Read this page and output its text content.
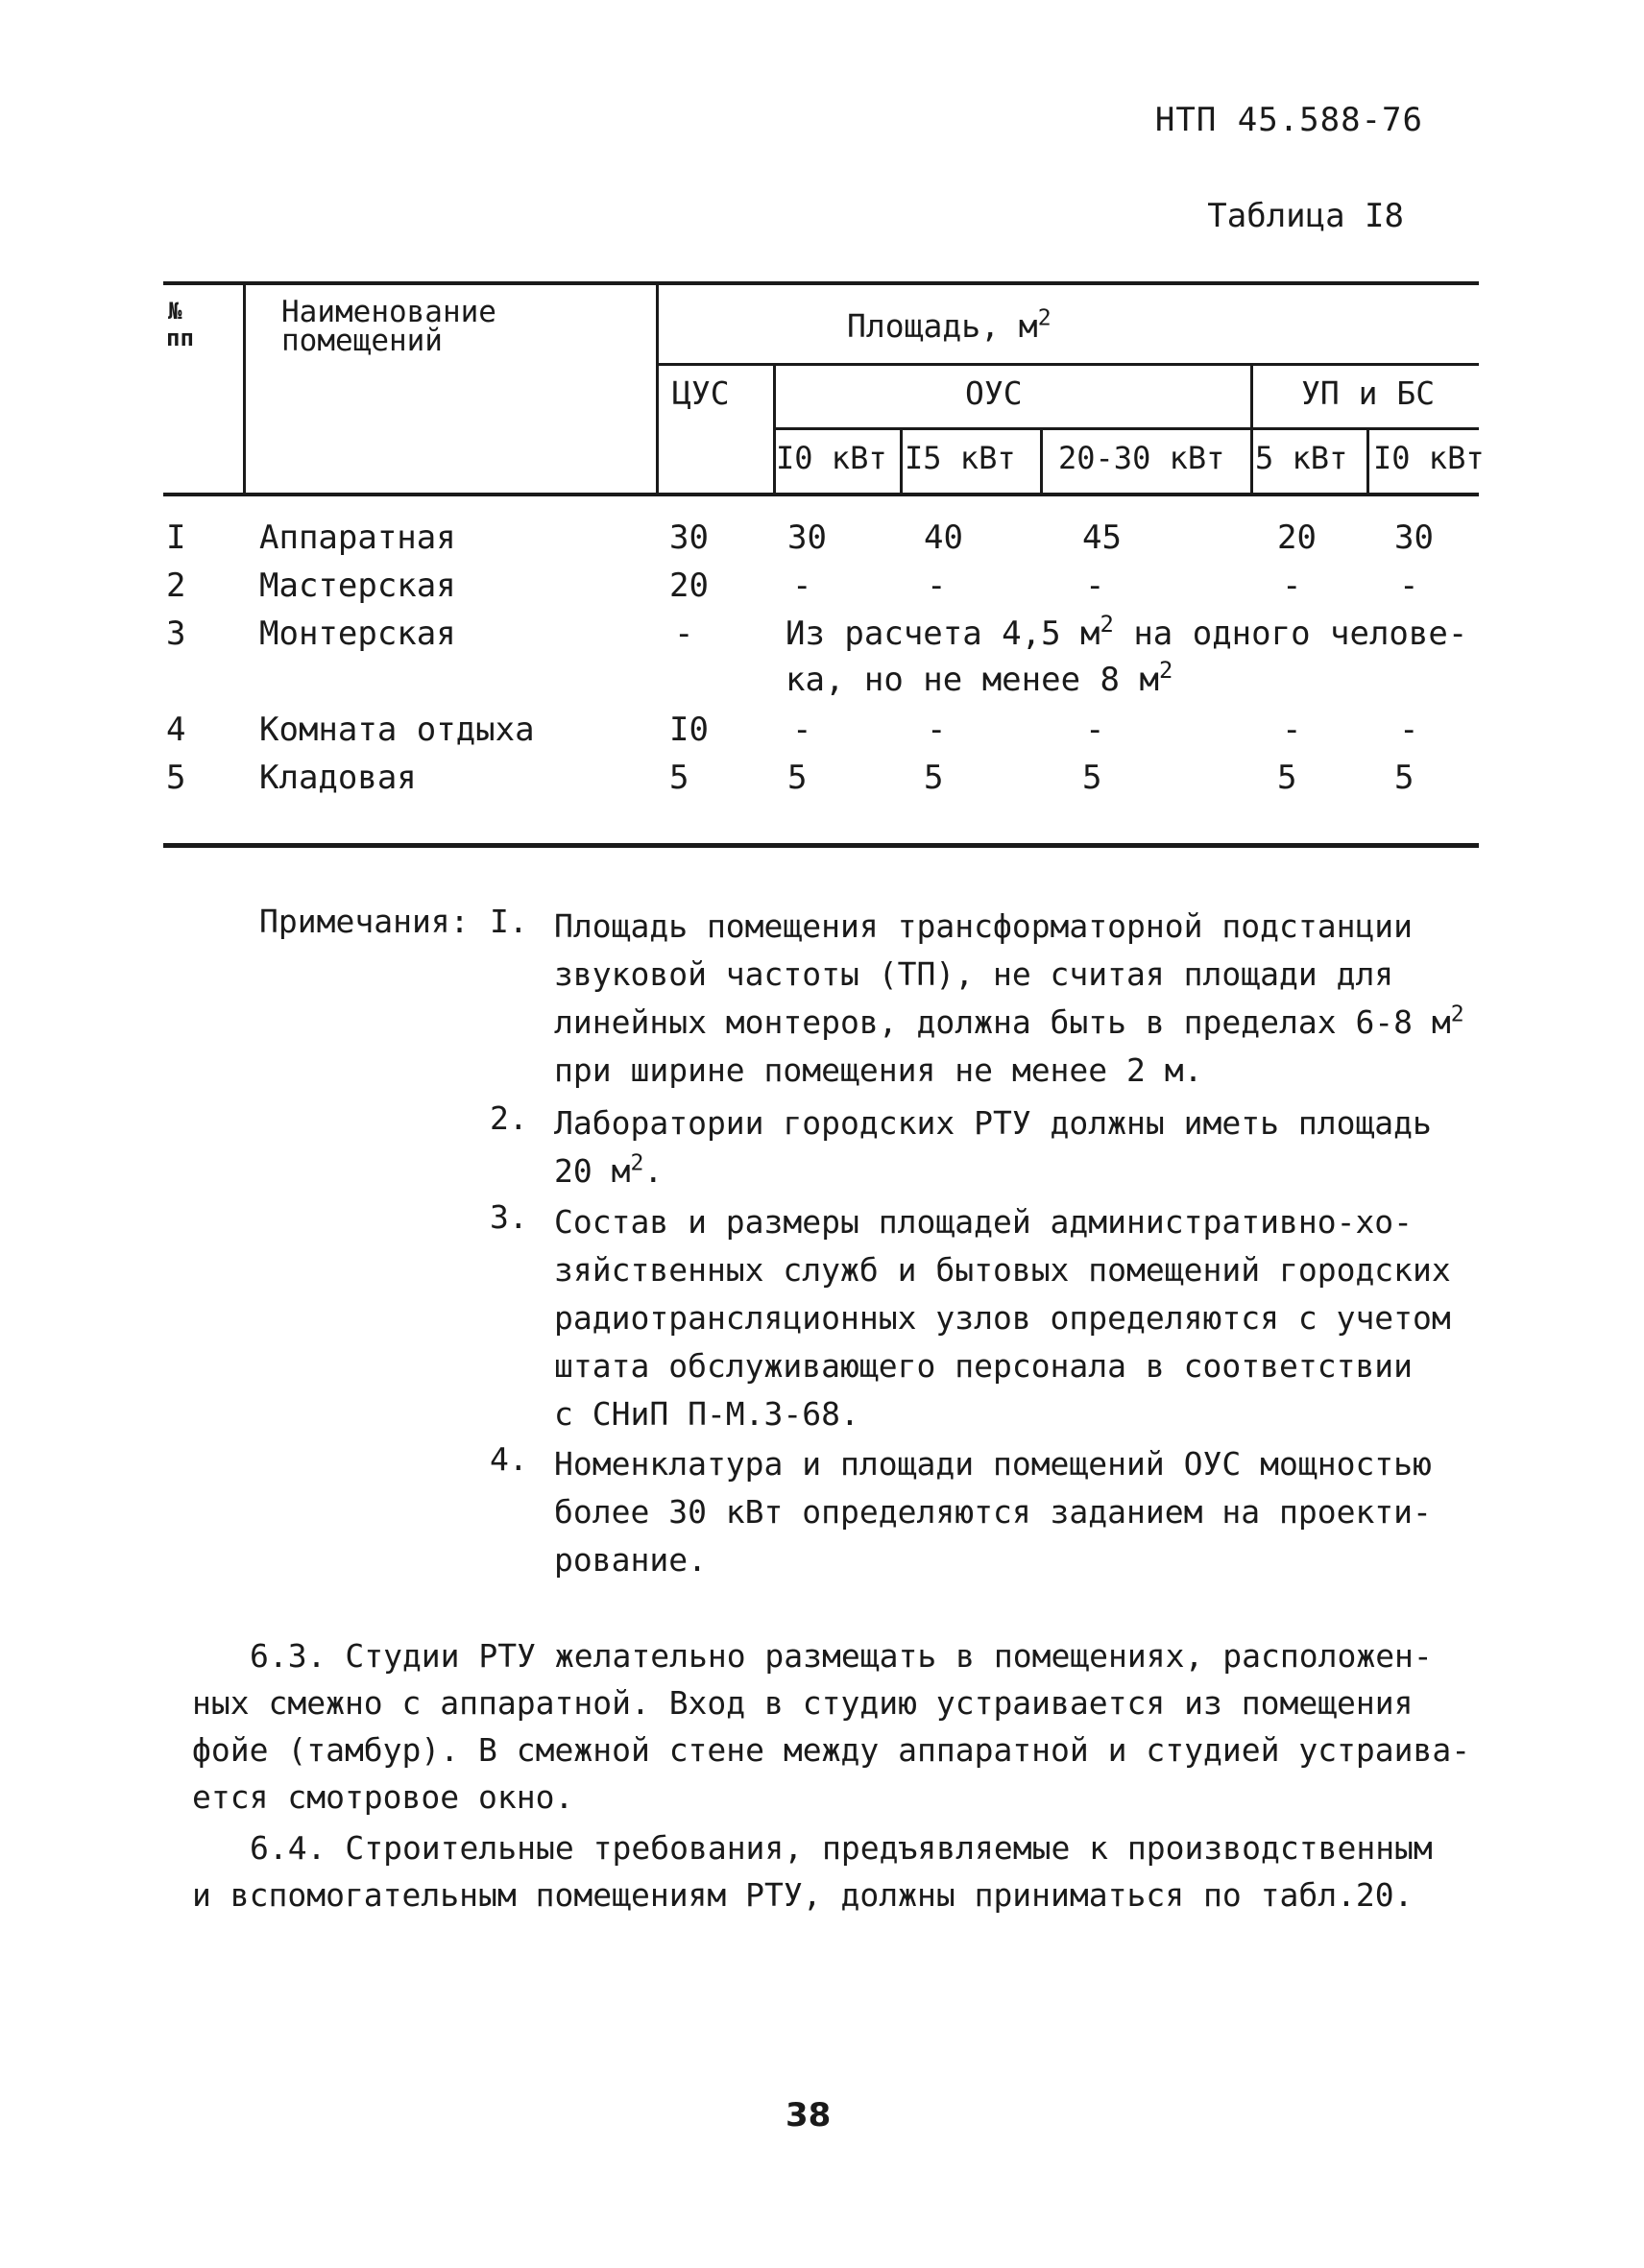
НТП 45.588-76
Таблица I8
№
пп
Наименование
помещений	Площадь, $м^2$
ЦУС	ОУС	УП и БС
I0 кВт I5 кВт 20-30 кВт 5 кВт I0 кВт
I Аппаратная	30 30	40	45	20 30
2 Мастерская	20	-	-	-	-	-
3 Монтерская	-	Из расчета 4,5 $м^2$ на одного челове-
ка, но не менее 8 $м^2$
4 Комната отдыха	I0	-	-	-	-	-
5 Кладовая	5	5	5	5	5	5
Примечания: I. Площадь помещения трансформаторной подстанции
звуковой частоты (ТП), не считая площади для
линейных монтеров, должна быть в пределах 6-8 $м^2$
при ширине помещения не менее 2 м.
2. Лаборатории городских РТУ должны иметь площадь
20 $м^2$.
3. Состав и размеры площадей административно-хо-
зяйственных служб и бытовых помещений городских
радиотрансляционных узлов определяются с учетом
штата обслуживающего персонала в соответствии
с СНиП П-М.3-68.
4. Номенклатура и площади помещений ОУС мощностью
более 30 кВт определяются заданием на проекти-
рование.
6.3. Студии РТУ желательно размещать в помещениях, расположен-
ных смежно с аппаратной. Вход в студию устраивается из помещения
фойе (тамбур). В смежной стене между аппаратной и студией устраива-
ется смотровое окно.
6.4. Строительные требования, предъявляемые к производственным
и вспомогательным помещениям РТУ, должны приниматься по табл.20.
38
